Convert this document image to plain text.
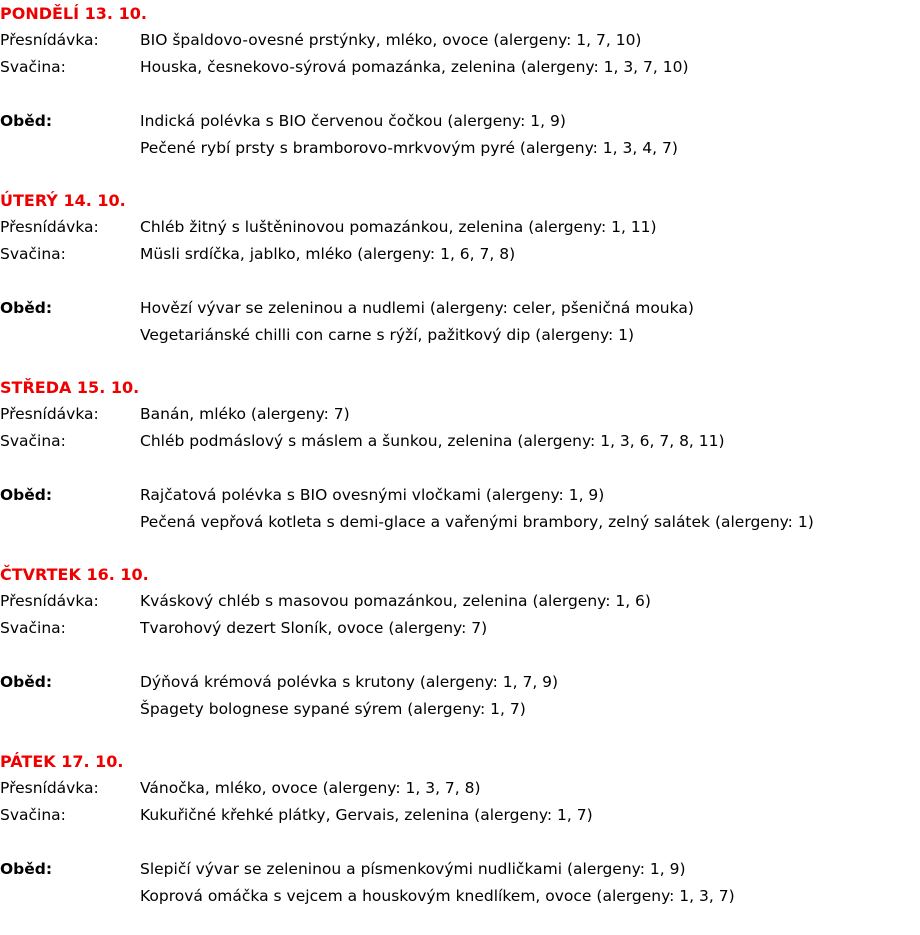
PONDĚLÍ 13. 10.
Přesnídávka:	BIO špaldovo-ovesné prstýnky, mléko, ovoce (alergeny: 1, 7, 10)
Svačina:	Houska, česnekovo-sýrová pomazánka, zelenina (alergeny: 1, 3, 7, 10)
Oběd:	Indická polévka s BIO červenou čočkou (alergeny: 1, 9)
Pečené rybí prsty s bramborovo-mrkvovým pyré (alergeny: 1, 3, 4, 7)
ÚTERÝ 14. 10.
Přesnídávka:	Chléb žitný s luštěninovou pomazánkou, zelenina (alergeny: 1, 11)
Svačina:	Müsli srdíčka, jablko, mléko (alergeny: 1, 6, 7, 8)
Oběd:	Hovězí vývar se zeleninou a nudlemi (alergeny: celer, pšeničná mouka)
Vegetariánské chilli con carne s rýží, pažitkový dip (alergeny: 1)
STŘEDA 15. 10.
Přesnídávka:	Banán, mléko (alergeny: 7)
Svačina:	Chléb podmáslový s máslem a šunkou, zelenina (alergeny: 1, 3, 6, 7, 8, 11)
Oběd:	Rajčatová polévka s BIO ovesnými vločkami (alergeny: 1, 9)
Pečená vepřová kotleta s demi-glace a vařenými brambory, zelný salátek (alergeny: 1)
ČTVRTEK 16. 10.
Přesnídávka:	Kváskový chléb s masovou pomazánkou, zelenina (alergeny: 1, 6)
Svačina:	Tvarohový dezert Sloník, ovoce (alergeny: 7)
Oběd:	Dýňová krémová polévka s krutony (alergeny: 1, 7, 9)
Špagety bolognese sypané sýrem (alergeny: 1, 7)
PÁTEK 17. 10.
Přesnídávka:	Vánočka, mléko, ovoce (alergeny: 1, 3, 7, 8)
Svačina:	Kukuřičné křehké plátky, Gervais, zelenina (alergeny: 1, 7)
Oběd:	Slepičí vývar se zeleninou a písmenkovými nudličkami (alergeny: 1, 9)
Koprová omáčka s vejcem a houskovým knedlíkem, ovoce (alergeny: 1, 3, 7)
